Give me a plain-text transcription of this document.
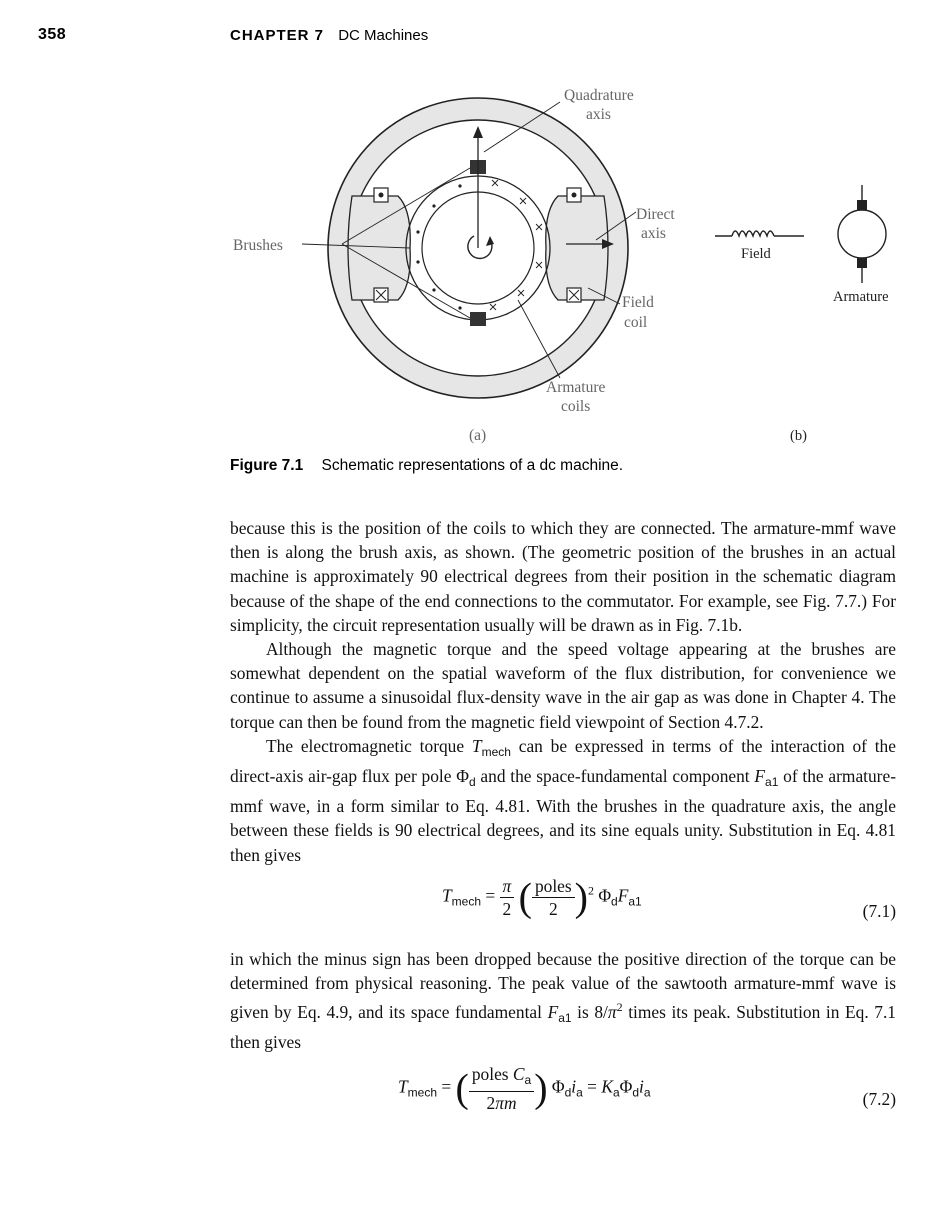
358	CHAPTER 7 DC Machines
Quadrature
axis
Direct
axis
Brushes
Field
coil
Armature
coils
(a)
Field
Armature
(b)
Figure 7.1 Schematic representations of a dc machine.

because this is the position of the coils to which they are connected. The armature-mmf wave then is along the brush axis, as shown. (The geometric position of the brushes in an actual machine is approximately 90 electrical degrees from their position in the schematic diagram because of the shape of the end connections to the commutator. For example, see Fig. 7.7.) For simplicity, the circuit representation usually will be drawn as in Fig. 7.1b.

Although the magnetic torque and the speed voltage appearing at the brushes are somewhat dependent on the spatial waveform of the flux distribution, for convenience we continue to assume a sinusoidal flux-density wave in the air gap as was done in Chapter 4. The torque can then be found from the magnetic field viewpoint of Section 4.7.2.

The electromagnetic torque $T_{mech}$ can be expressed in terms of the interaction of the direct-axis air-gap flux per pole $\Phi_d$ and the space-fundamental component $F_{a1}$ of the armature-mmf wave, in a form similar to Eq. 4.81. With the brushes in the quadrature axis, the angle between these fields is 90 electrical degrees, and its sine equals unity. Substitution in Eq. 4.81 then gives

$T_{mech} = \frac{\pi}{2}$ ( $\frac{\text{poles}}{2} )^2$ $\Phi_dF_{a1}$	(7.1)

in which the minus sign has been dropped because the positive direction of the torque can be determined from physical reasoning. The peak value of the sawtooth armature-mmf wave is given by Eq. 4.9, and its space fundamental $F_{a1}$ is $8/\pi^2$ times its peak. Substitution in Eq. 7.1 then gives

$T_{mech}$ = ( $\frac{poles C_a}{2\pi m}$ ) $\Phi_di_a = K_a\Phi_di_a$	(7.2)
